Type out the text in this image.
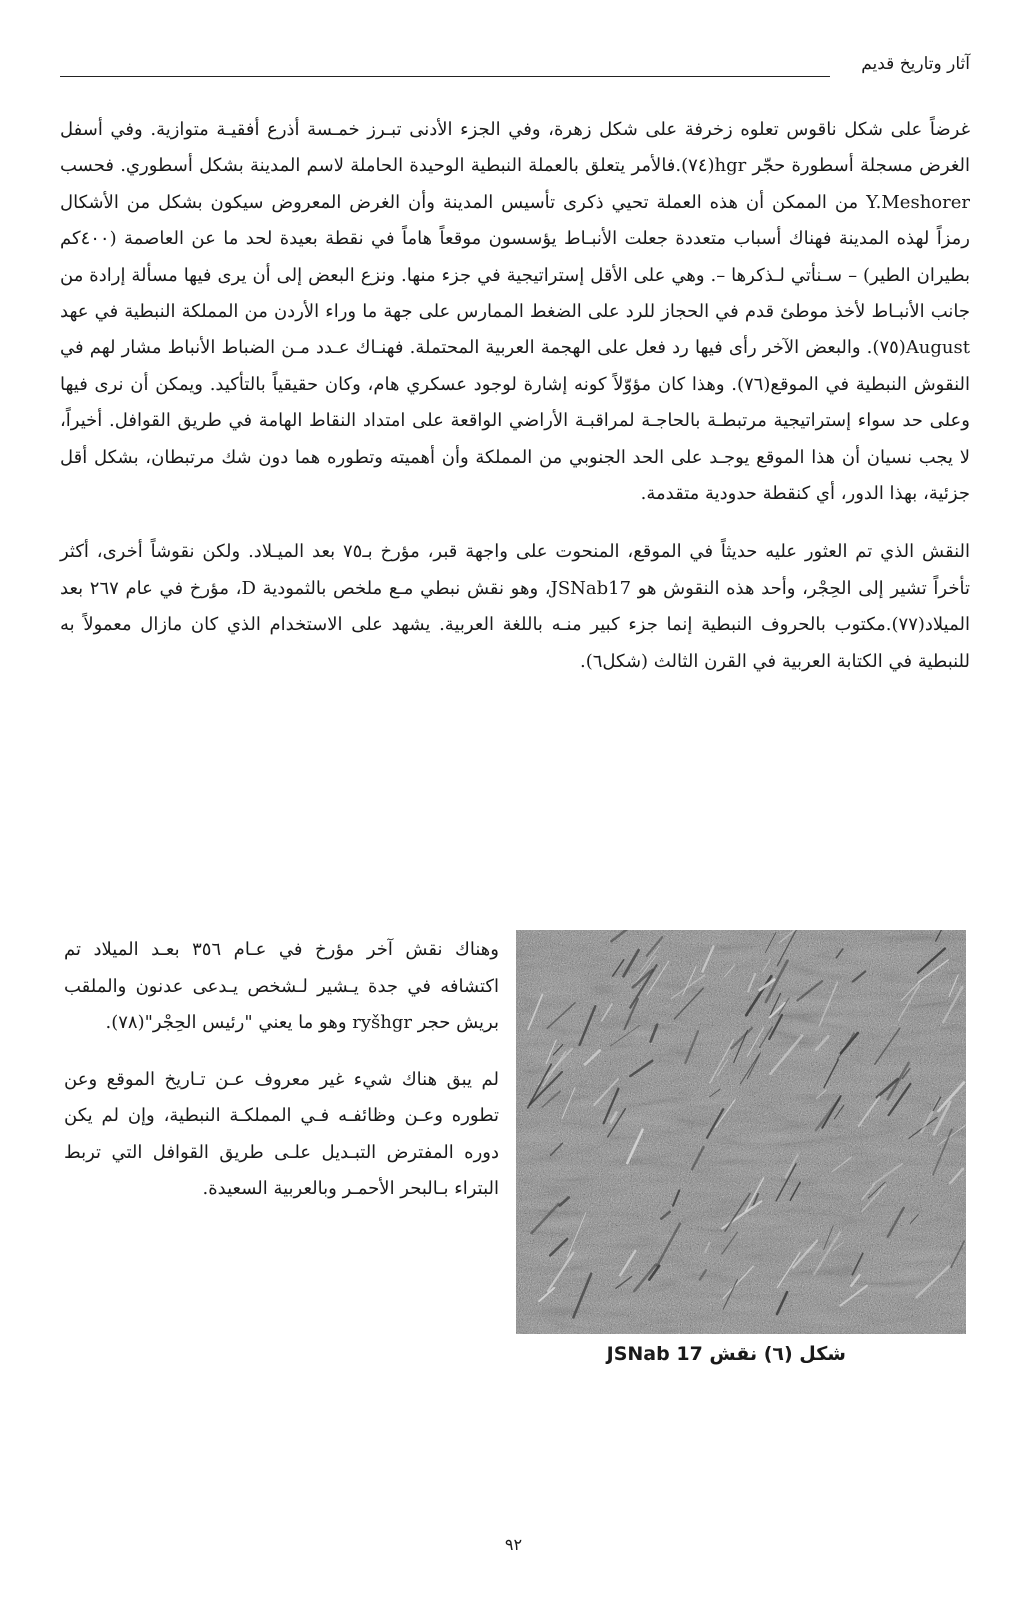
آثار وتاريخ قديم

غرضاً على شكل ناقوس تعلوه زخرفة على شكل زهرة، وفي الجزء الأدنى تبـرز خمـسة أذرع أفقيـة متوازية. وفي أسفل الغرض مسجلة أسطورة حجّر hgr(٧٤).فالأمر يتعلق بالعملة النبطية الوحيدة الحاملة لاسم المدينة بشكل أسطوري. فحسب Y.Meshorer من الممكن أن هذه العملة تحيي ذكرى تأسيس المدينة وأن الغرض المعروض سيكون بشكل من الأشكال رمزاً لهذه المدينة فهناك أسباب متعددة جعلت الأنبـاط يؤسسون موقعاً هاماً في نقطة بعيدة لحد ما عن العاصمة (٤٠٠كم بطيران الطير) – سـنأتي لـذكرها –. وهي على الأقل إستراتيجية في جزء منها. ونزع البعض إلى أن يرى فيها مسألة إرادة من جانب الأنبـاط لأخذ موطئ قدم في الحجاز للرد على الضغط الممارس على جهة ما وراء الأردن من المملكة النبطية في عهد August(٧٥). والبعض الآخر رأى فيها رد فعل على الهجمة العربية المحتملة. فهنـاك عـدد مـن الضباط الأنباط مشار لهم في النقوش النبطية في الموقع(٧٦). وهذا كان مؤوّلاً كونه إشارة لوجود عسكري هام، وكان حقيقياً بالتأكيد. ويمكن أن نرى فيها وعلى حد سواء إستراتيجية مرتبطـة بالحاجـة لمراقبـة الأراضي الواقعة على امتداد النقاط الهامة في طريق القوافل. أخيراً، لا يجب نسيان أن هذا الموقع يوجـد على الحد الجنوبي من المملكة وأن أهميته وتطوره هما دون شك مرتبطان، بشكل أقل جزئية، بهذا الدور، أي كنقطة حدودية متقدمة.

النقش الذي تم العثور عليه حديثاً في الموقع، المنحوت على واجهة قبر، مؤرخ بـ٧٥ بعد الميـلاد. ولكن نقوشاً أخرى، أكثر تأخراً تشير إلى الحِجْر، وأحد هذه النقوش هو JSNab17، وهو نقش نبطي مـع ملخص بالثمودية D، مؤرخ في عام ٢٦٧ بعد الميلاد(٧٧).مكتوب بالحروف النبطية إنما جزء كبير منـه باللغة العربية. يشهد على الاستخدام الذي كان مازال معمولاً به للنبطية في الكتابة العربية في القرن الثالث (شكل٦).

وهناك نقش آخر مؤرخ في عـام ٣٥٦ بعـد الميلاد تم اكتشافه في جدة يـشير لـشخص يـدعى عدنون والملقب بريش حجر ryšhgr وهو ما يعني "رئيس الحِجْر"(٧٨).

لم يبق هناك شيء غير معروف عـن تـاريخ الموقع وعن تطوره وعـن وظائفـه فـي المملكـة النبطية، وإن لم يكن دوره المفترض التبـديل علـى طريق القوافل التي تربط البتراء بـالبحر الأحمـر وبالعربية السعيدة.

شكل (٦) نقش JSNab 17
٩٢
